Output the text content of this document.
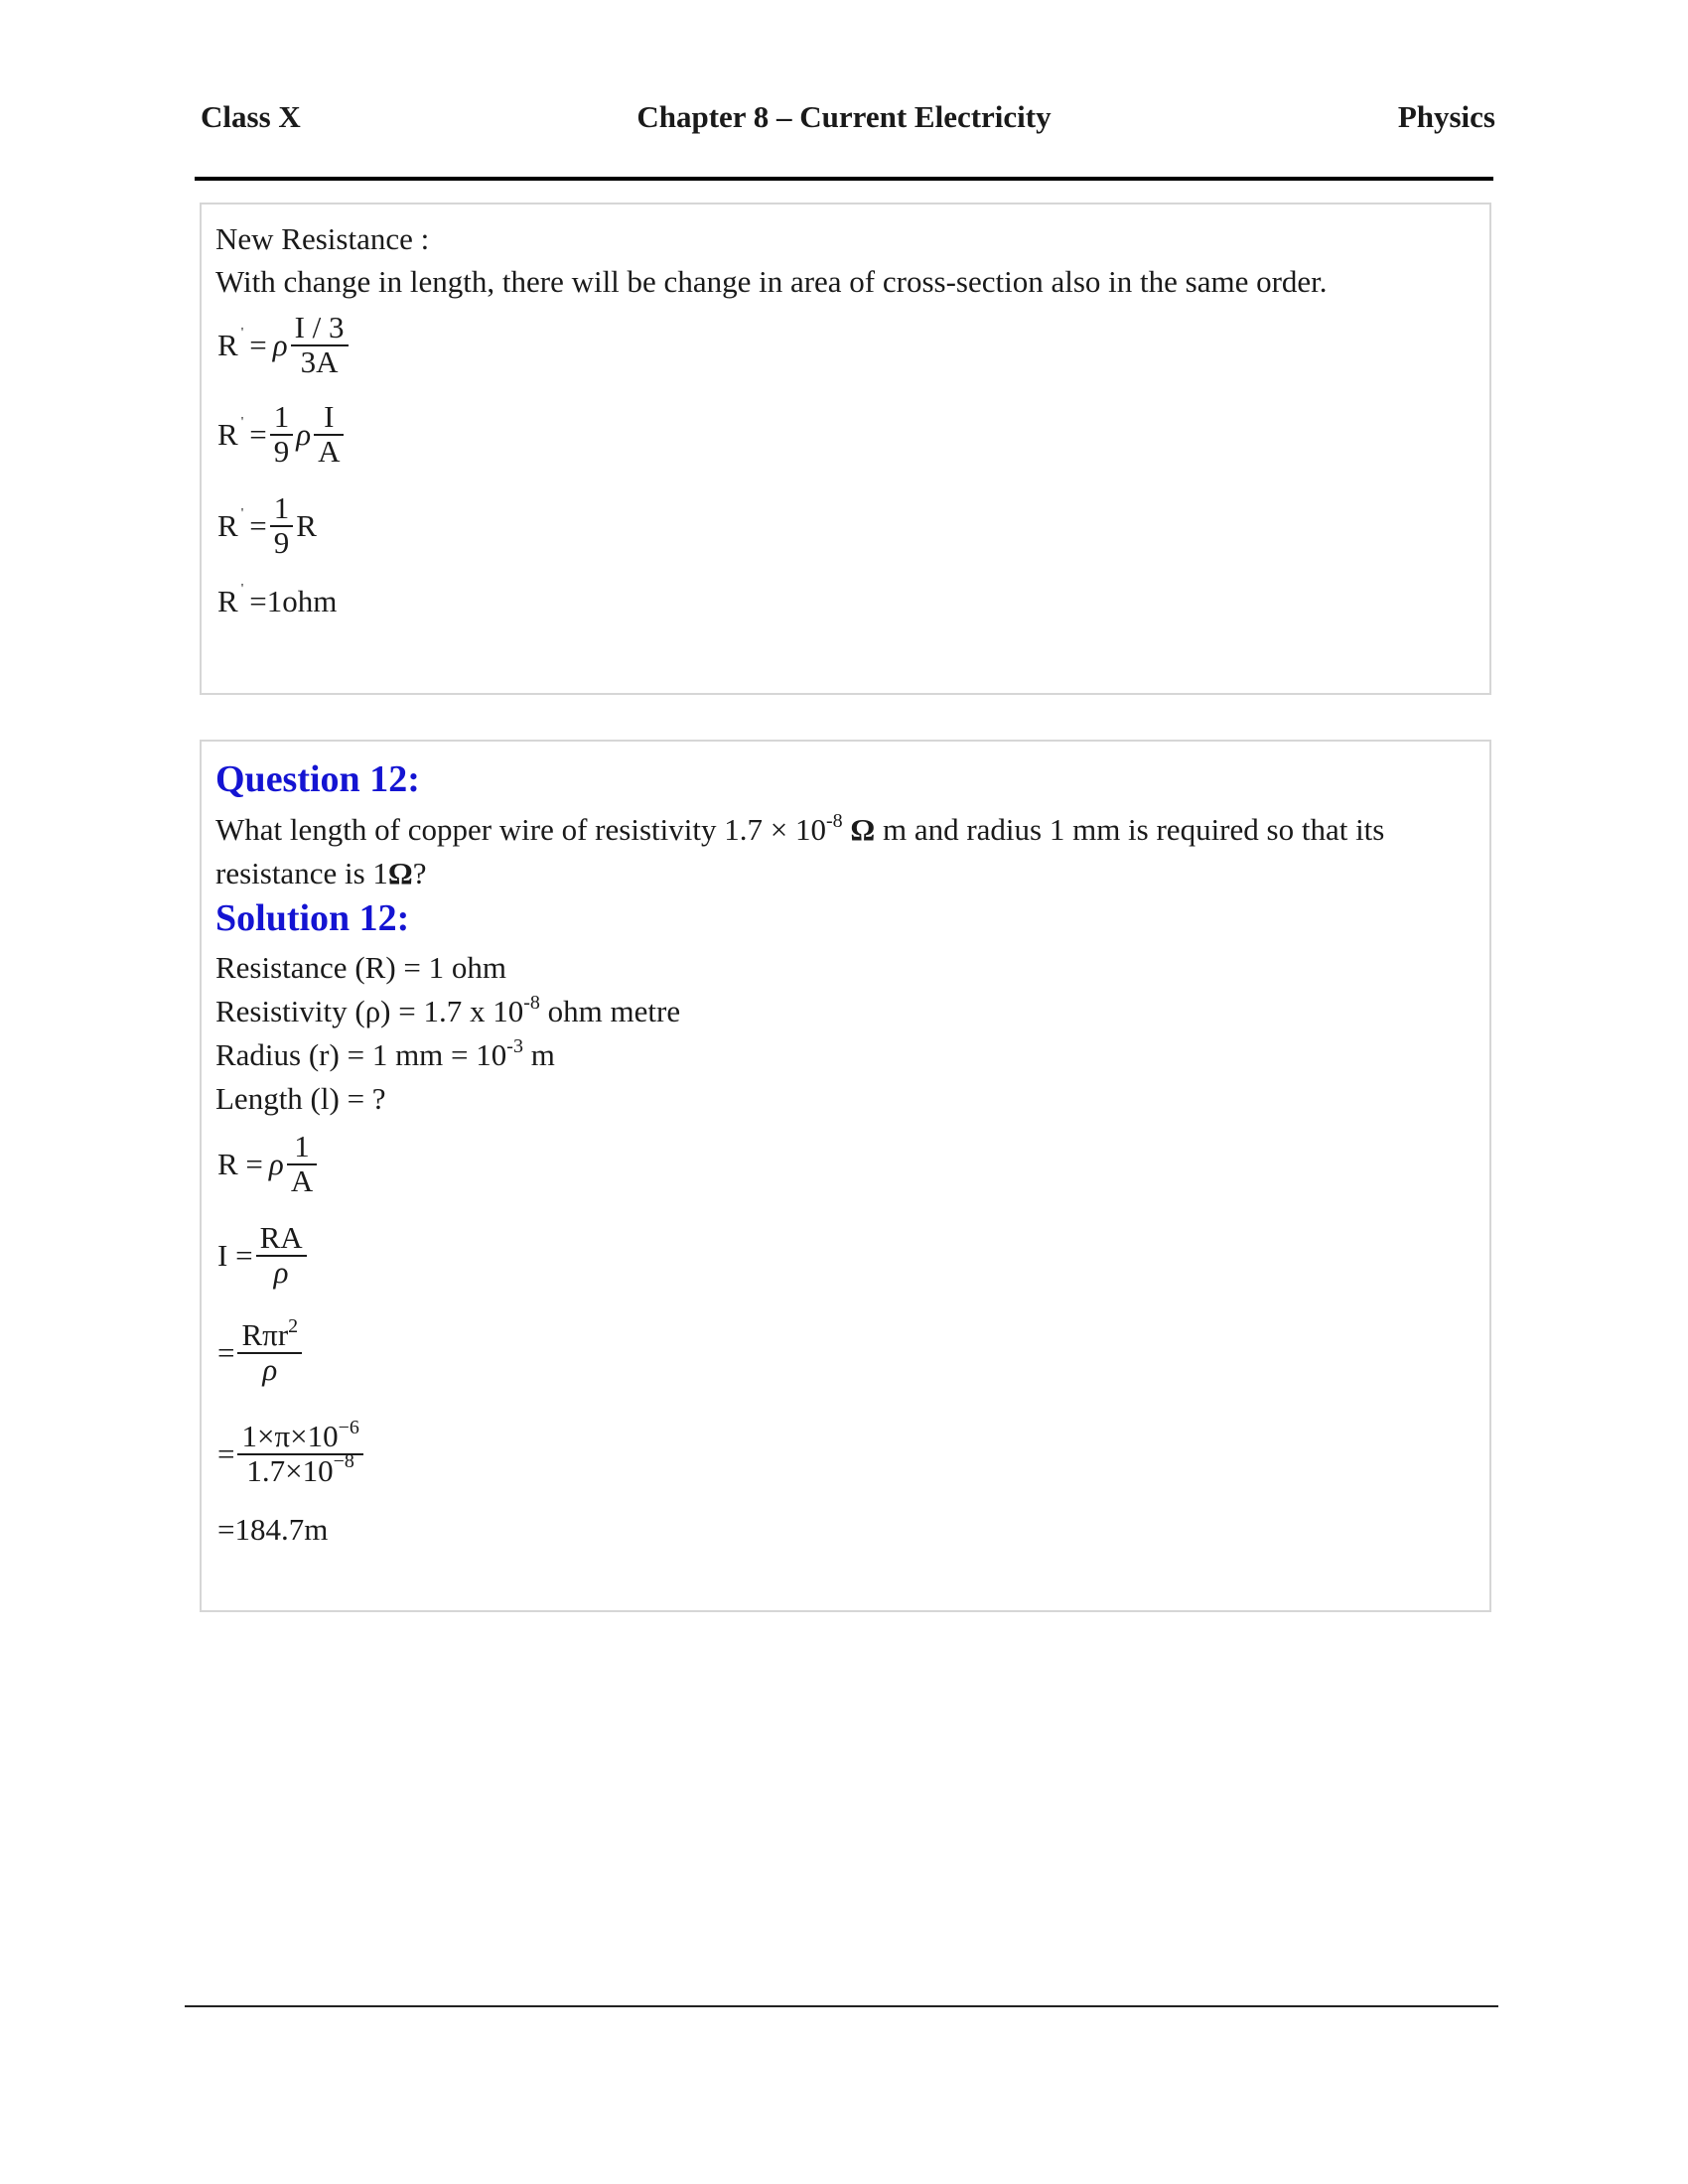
Class X	Chapter 8 – Current Electricity	Physics
New Resistance :
With change in length, there will be change in area of cross-section also in the same order.
R ' = ρ $\frac{I / 3}{3A}$
R ' = $\frac{1}{9}$ ρ $\frac{I}{A}$
R ' = $\frac{1}{9}$ R
R ' =1ohm
Question 12:
What length of copper wire of resistivity $1.7 \times 10^{-8}$ Ω m and radius 1 mm is required so that its
resistance is 1Ω?
Solution 12:
Resistance (R) = 1 ohm
Resistivity (ρ) = 1.7 x $10^{-8}$ ohm metre
Radius (r) = 1 mm = $10^{-3}$ m
Length (l) = ?
R = ρ $\frac{1}{A}$
$I = \frac{RA}{\rho}$
= $\frac{R\pi r^2}{\rho}$
= $\frac{1\times\pi\times 10^{-6}}{1.7\times 10^{-8}}$
=184.7m
